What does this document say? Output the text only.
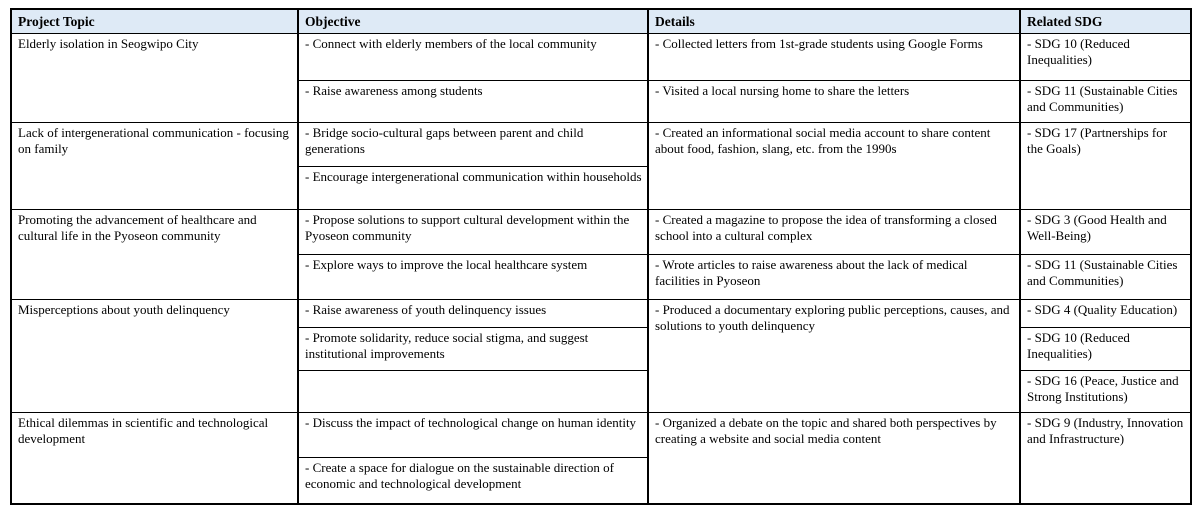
Project Topic	Objective	Details	Related SDG
Elderly isolation in Seogwipo City	- Connect with elderly members of the local community	- Collected letters from 1st-grade students using Google Forms	- SDG 10 (Reduced Inequalities)
	- Raise awareness among students	- Visited a local nursing home to share the letters	- SDG 11 (Sustainable Cities and Communities)
Lack of intergenerational communication - focusing on family	- Bridge socio-cultural gaps between parent and child generations	- Created an informational social media account to share content about food, fashion, slang, etc. from the 1990s	- SDG 17 (Partnerships for the Goals)
	- Encourage intergenerational communication within households		
Promoting the advancement of healthcare and cultural life in the Pyoseon community	- Propose solutions to support cultural development within the Pyoseon community	- Created a magazine to propose the idea of transforming a closed school into a cultural complex	- SDG 3 (Good Health and Well-Being)
	- Explore ways to improve the local healthcare system	- Wrote articles to raise awareness about the lack of medical facilities in Pyoseon	- SDG 11 (Sustainable Cities and Communities)
Misperceptions about youth delinquency	- Raise awareness of youth delinquency issues	- Produced a documentary exploring public perceptions, causes, and solutions to youth delinquency	- SDG 4 (Quality Education)
	- Promote solidarity, reduce social stigma, and suggest institutional improvements		- SDG 10 (Reduced Inequalities)
			- SDG 16 (Peace, Justice and Strong Institutions)
Ethical dilemmas in scientific and technological development	- Discuss the impact of technological change on human identity	- Organized a debate on the topic and shared both perspectives by creating a website and social media content	- SDG 9 (Industry, Innovation and Infrastructure)
	- Create a space for dialogue on the sustainable direction of economic and technological development		
